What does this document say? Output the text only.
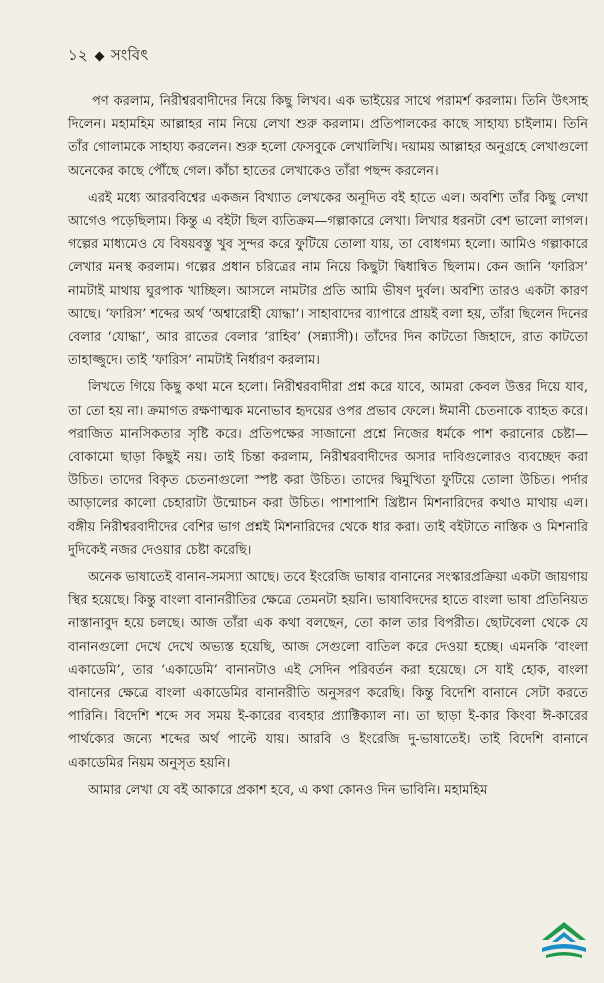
১২ সংবিৎ

পণ করলাম, নিরীশ্বরবাদীদের নিয়ে কিছু লিখব। এক ভাইয়ের সাথে পরামর্শ করলাম। তিনি উৎসাহ দিলেন। মহামহিম আল্লাহর নাম নিয়ে লেখা শুরু করলাম। প্রতিপালকের কাছে সাহায্য চাইলাম। তিনি তাঁর গোলামকে সাহায্য করলেন। শুরু হলো ফেসবুকে লেখালিখি। দয়াময় আল্লাহর অনুগ্রহে লেখাগুলো অনেকের কাছে পৌঁছে গেল। কাঁচা হাতের লেখাকেও তাঁরা পছন্দ করলেন।

এরই মধ্যে আরববিশ্বের একজন বিখ্যাত লেখকের অনূদিত বই হাতে এল। অবশ্যি তাঁর কিছু লেখা আগেও পড়েছিলাম। কিন্তু এ বইটা ছিল ব্যতিক্রম—গল্পাকারে লেখা। লিখার ধরনটা বেশ ভালো লাগল। গল্পের মাধ্যমেও যে বিষয়বস্তু খুব সুন্দর করে ফুটিয়ে তোলা যায়, তা বোধগম্য হলো। আমিও গল্পাকারে লেখার মনস্থ করলাম। গল্পের প্রধান চরিত্রের নাম নিয়ে কিছুটা দ্বিধান্বিত ছিলাম। কেন জানি ‘ফারিস’ নামটাই মাথায় ঘুরপাক খাচ্ছিল। আসলে নামটার প্রতি আমি ভীষণ দুর্বল। অবশ্যি তারও একটা কারণ আছে। ‘ফারিস’ শব্দের অর্থ ‘অশ্বারোহী যোদ্ধা’। সাহাবাদের ব্যাপারে প্রায়ই বলা হয়, তাঁরা ছিলেন দিনের বেলার ‘যোদ্ধা’, আর রাতের বেলার ‘রাহিব’ (সন্ন্যাসী)। তাঁদের দিন কাটতো জিহাদে, রাত কাটতো তাহাজ্জুদে। তাই ‘ফারিস’ নামটাই নির্ধারণ করলাম।

লিখতে গিয়ে কিছু কথা মনে হলো। নিরীশ্বরবাদীরা প্রশ্ন করে যাবে, আমরা কেবল উত্তর দিয়ে যাব, তা তো হয় না। ক্রমাগত রক্ষণাত্মক মনোভাব হৃদয়ের ওপর প্রভাব ফেলে। ঈমানী চেতনাকে ব্যাহত করে। পরাজিত মানসিকতার সৃষ্টি করে। প্রতিপক্ষের সাজানো প্রশ্নে নিজের ধর্মকে পাশ করানোর চেষ্টা—বোকামো ছাড়া কিছুই নয়। তাই চিন্তা করলাম, নিরীশ্বরবাদীদের অসার দাবিগুলোরও ব্যবচ্ছেদ করা উচিত। তাদের বিকৃত চেতনাগুলো স্পষ্ট করা উচিত। তাদের দ্বিমুখিতা ফুটিয়ে তোলা উচিত। পর্দার আড়ালের কালো চেহারাটা উন্মোচন করা উচিত। পাশাপাশি খ্রিষ্টান মিশনারিদের কথাও মাথায় এল। বঙ্গীয় নিরীশ্বরবাদীদের বেশির ভাগ প্রশ্নই মিশনারিদের থেকে ধার করা। তাই বইটাতে নাস্তিক ও মিশনারি দুদিকেই নজর দেওয়ার চেষ্টা করেছি।

অনেক ভাষাতেই বানান-সমস্যা আছে। তবে ইংরেজি ভাষার বানানের সংস্কারপ্রক্রিয়া একটা জায়গায় স্থির হয়েছে। কিন্তু বাংলা বানানরীতির ক্ষেত্রে তেমনটা হয়নি। ভাষাবিদদের হাতে বাংলা ভাষা প্রতিনিয়ত নাস্তানাবুদ হয়ে চলছে। আজ তাঁরা এক কথা বলছেন, তো কাল তার বিপরীত। ছোটবেলা থেকে যে বানানগুলো দেখে দেখে অভ্যস্ত হয়েছি, আজ সেগুলো বাতিল করে দেওয়া হচ্ছে। এমনকি ‘বাংলা একাডেমি’, তার ‘একাডেমি’ বানানটাও এই সেদিন পরিবর্তন করা হয়েছে। সে যাই হোক, বাংলা বানানের ক্ষেত্রে বাংলা একাডেমির বানানরীতি অনুসরণ করেছি। কিন্তু বিদেশি বানানে সেটা করতে পারিনি। বিদেশি শব্দে সব সময় ই-কারের ব্যবহার প্র্যাক্টিক্যাল না। তা ছাড়া ই-কার কিংবা ঈ-কারের পার্থক্যের জন্যে শব্দের অর্থ পাল্টে যায়। আরবি ও ইংরেজি দু-ভাষাতেই। তাই বিদেশি বানানে একাডেমির নিয়ম অনুসৃত হয়নি।

আমার লেখা যে বই আকারে প্রকাশ হবে, এ কথা কোনও দিন ভাবিনি। মহামহিম
